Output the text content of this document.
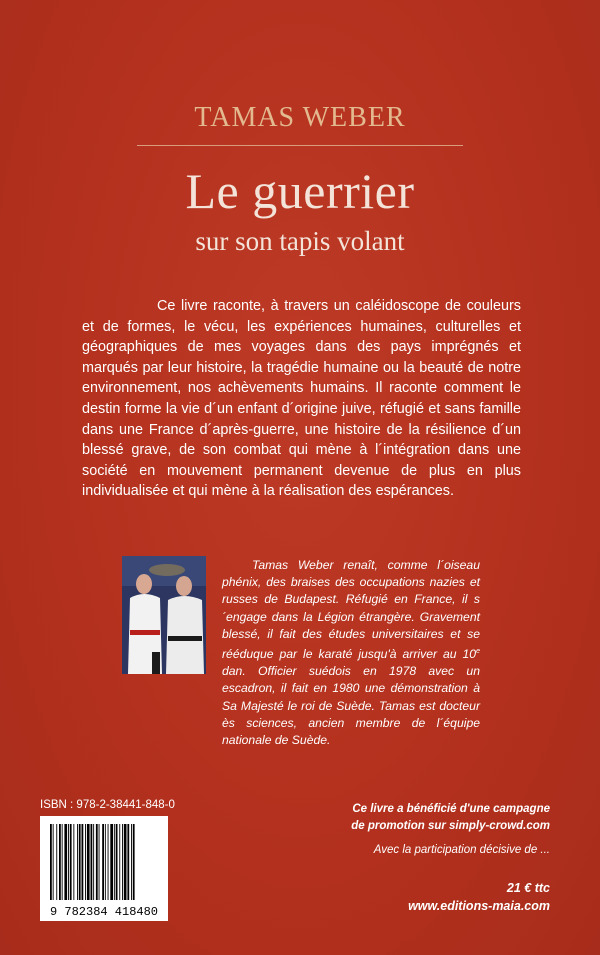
TAMAS WEBER
Le guerrier
sur son tapis volant

Ce livre raconte, à travers un caléidoscope de couleurs et de formes, le vécu, les expériences humaines, culturelles et géographiques de mes voyages dans des pays imprégnés et marqués par leur histoire, la tragédie humaine ou la beauté de notre environnement, nos achèvements humains. Il raconte comment le destin forme la vie d´un enfant d´origine juive, réfugié et sans famille dans une France d´après-guerre, une histoire de la résilience d´un blessé grave, de son combat qui mène à l´intégration dans une société en mouvement permanent devenue de plus en plus individualisée et qui mène à la réalisation des espérances.

Tamas Weber renaît, comme l´oiseau phénix, des braises des occupations nazies et russes de Budapest. Réfugié en France, il s´engage dans la Légion étrangère. Gravement blessé, il fait des études universitaires et se rééduque par le karaté jusqu'à arriver au 10e dan. Officier suédois en 1978 avec un escadron, il fait en 1980 une démonstration à Sa Majesté le roi de Suède. Tamas est docteur ès sciences, ancien membre de l´équipe nationale de Suède.

ISBN : 978-2-38441-848-0
9 782384 418480
Ce livre a bénéficié d'une campagne
de promotion sur simply-crowd.com
Avec la participation décisive de ...
21 € ttc
www.editions-maia.com
